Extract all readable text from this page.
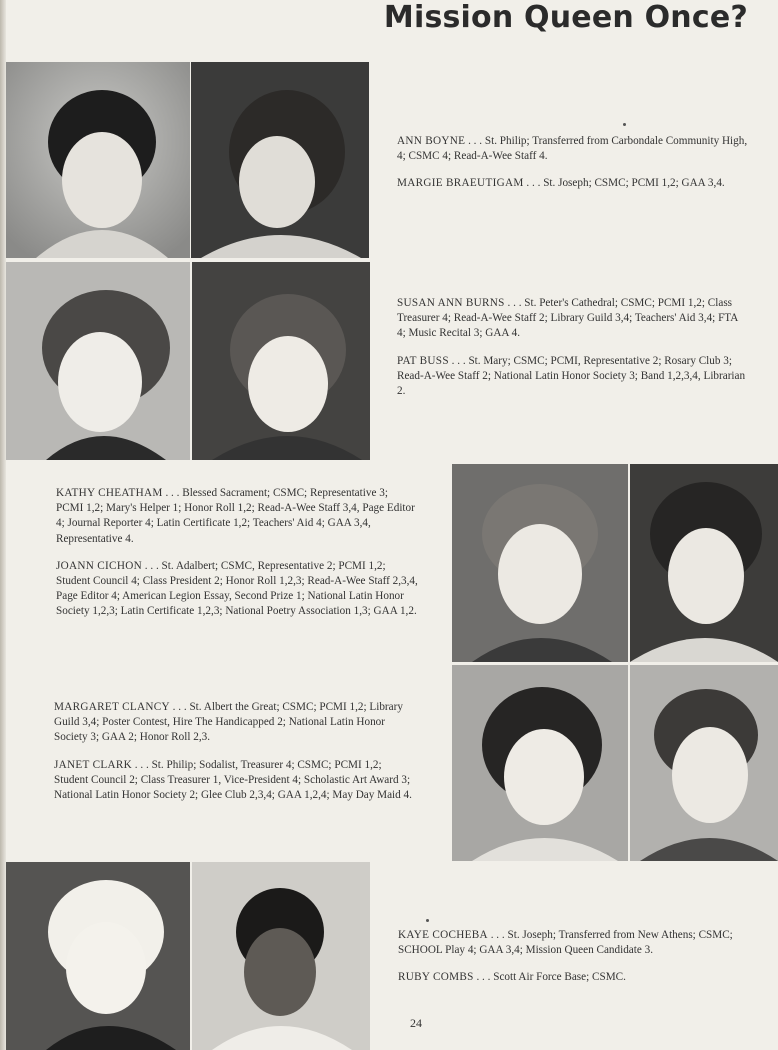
Mission Queen Once?

ANN BOYNE . . . St. Philip; Transferred from Carbondale Community High, 4; CSMC 4; Read-A-Wee Staff 4.

MARGIE BRAEUTIGAM . . . St. Joseph; CSMC; PCMI 1,2; GAA 3,4.

SUSAN ANN BURNS . . . St. Peter's Cathedral; CSMC; PCMI 1,2; Class Treasurer 4; Read-A-Wee Staff 2; Library Guild 3,4; Teachers' Aid 3,4; FTA 4; Music Recital 3; GAA 4.

PAT BUSS . . . St. Mary; CSMC; PCMI, Representative 2; Rosary Club 3; Read-A-Wee Staff 2; National Latin Honor Society 3; Band 1,2,3,4, Librarian 2.

KATHY CHEATHAM . . . Blessed Sacrament; CSMC; Representative 3; PCMI 1,2; Mary's Helper 1; Honor Roll 1,2; Read-A-Wee Staff 3,4, Page Editor 4; Journal Reporter 4; Latin Certificate 1,2; Teachers' Aid 4; GAA 3,4, Representative 4.

JOANN CICHON . . . St. Adalbert; CSMC, Representative 2; PCMI 1,2; Student Council 4; Class President 2; Honor Roll 1,2,3; Read-A-Wee Staff 2,3,4, Page Editor 4; American Legion Essay, Second Prize 1; National Latin Honor Society 1,2,3; Latin Certificate 1,2,3; National Poetry Association 1,3; GAA 1,2.

MARGARET CLANCY . . . St. Albert the Great; CSMC; PCMI 1,2; Library Guild 3,4; Poster Contest, Hire The Handicapped 2; National Latin Honor Society 3; GAA 2; Honor Roll 2,3.

JANET CLARK . . . St. Philip; Sodalist, Treasurer 4; CSMC; PCMI 1,2; Student Council 2; Class Treasurer 1, Vice-President 4; Scholastic Art Award 3; National Latin Honor Society 2; Glee Club 2,3,4; GAA 1,2,4; May Day Maid 4.

KAYE COCHEBA . . . St. Joseph; Transferred from New Athens; CSMC; SCHOOL Play 4; GAA 3,4; Mission Queen Candidate 3.

RUBY COMBS . . . Scott Air Force Base; CSMC.

24
